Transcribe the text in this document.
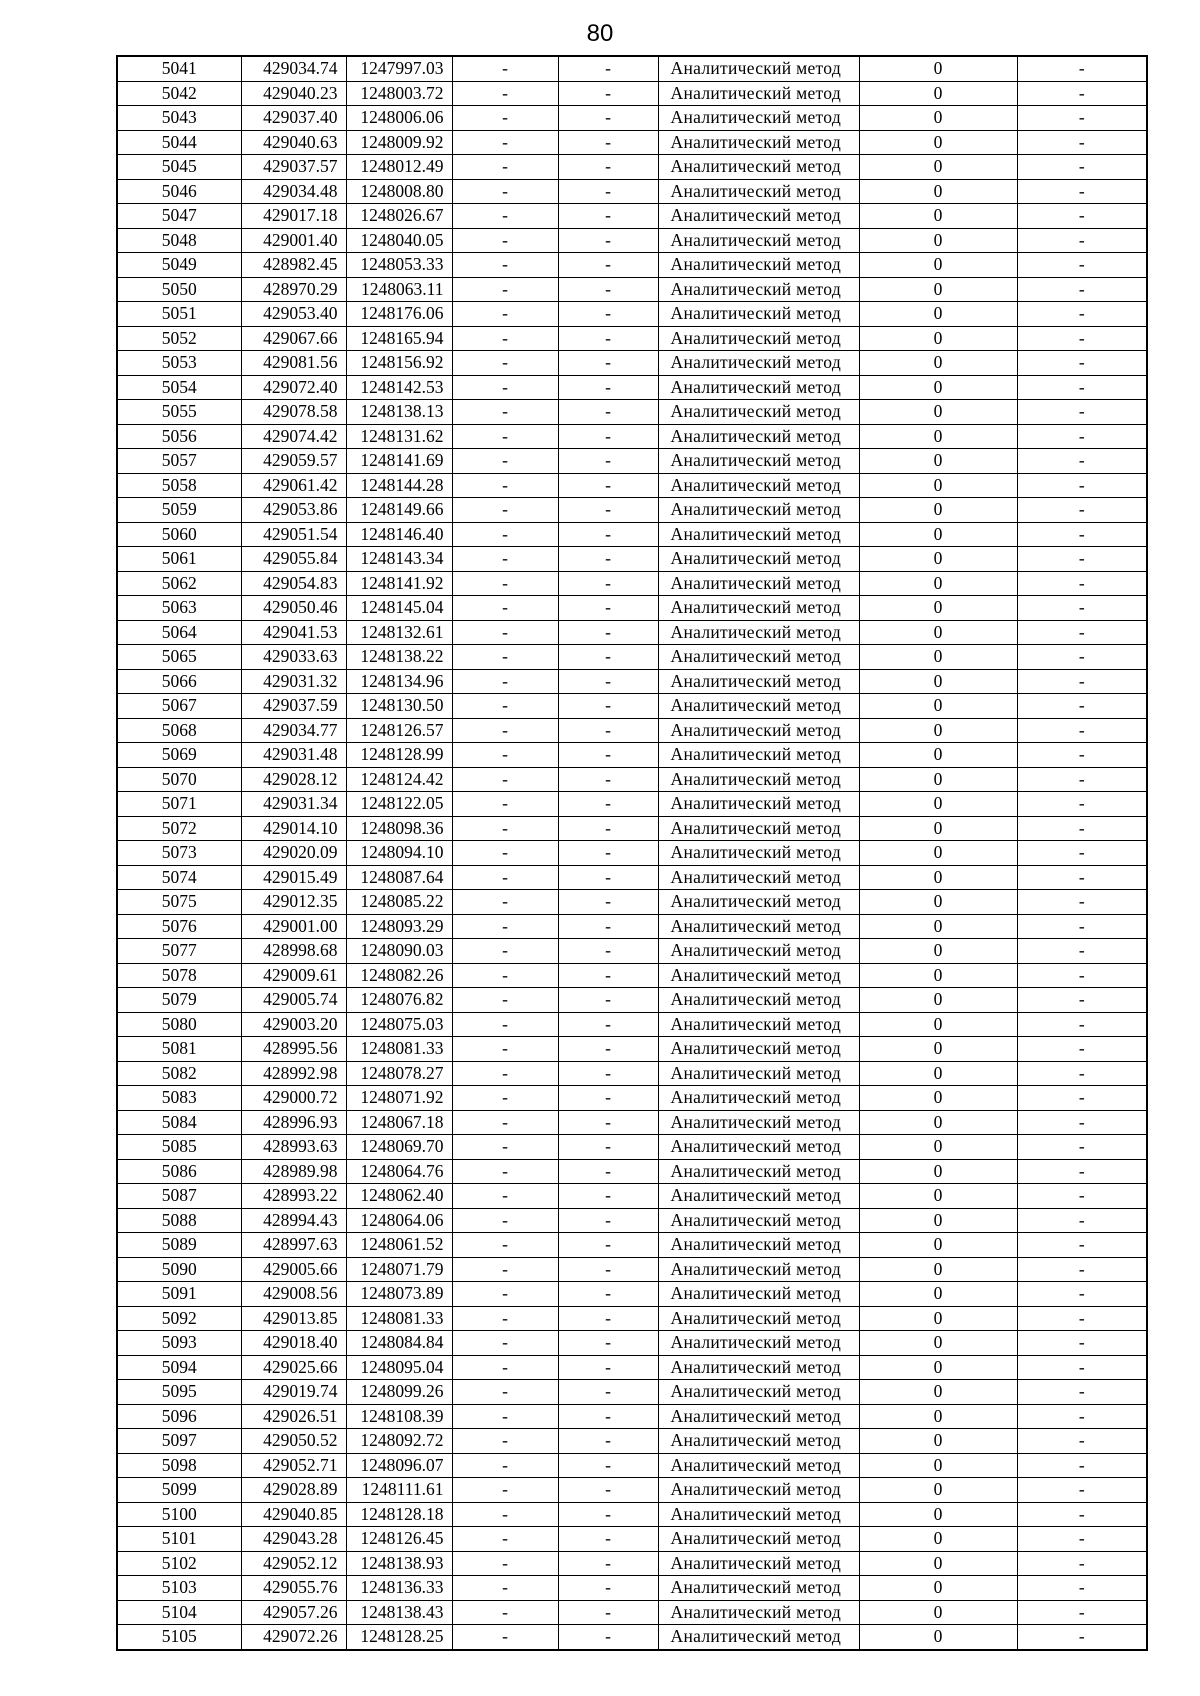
80
5041	429034.74	1247997.03	-	-	Аналитический метод	0	-
5042	429040.23	1248003.72	-	-	Аналитический метод	0	-
5043	429037.40	1248006.06	-	-	Аналитический метод	0	-
5044	429040.63	1248009.92	-	-	Аналитический метод	0	-
5045	429037.57	1248012.49	-	-	Аналитический метод	0	-
5046	429034.48	1248008.80	-	-	Аналитический метод	0	-
5047	429017.18	1248026.67	-	-	Аналитический метод	0	-
5048	429001.40	1248040.05	-	-	Аналитический метод	0	-
5049	428982.45	1248053.33	-	-	Аналитический метод	0	-
5050	428970.29	1248063.11	-	-	Аналитический метод	0	-
5051	429053.40	1248176.06	-	-	Аналитический метод	0	-
5052	429067.66	1248165.94	-	-	Аналитический метод	0	-
5053	429081.56	1248156.92	-	-	Аналитический метод	0	-
5054	429072.40	1248142.53	-	-	Аналитический метод	0	-
5055	429078.58	1248138.13	-	-	Аналитический метод	0	-
5056	429074.42	1248131.62	-	-	Аналитический метод	0	-
5057	429059.57	1248141.69	-	-	Аналитический метод	0	-
5058	429061.42	1248144.28	-	-	Аналитический метод	0	-
5059	429053.86	1248149.66	-	-	Аналитический метод	0	-
5060	429051.54	1248146.40	-	-	Аналитический метод	0	-
5061	429055.84	1248143.34	-	-	Аналитический метод	0	-
5062	429054.83	1248141.92	-	-	Аналитический метод	0	-
5063	429050.46	1248145.04	-	-	Аналитический метод	0	-
5064	429041.53	1248132.61	-	-	Аналитический метод	0	-
5065	429033.63	1248138.22	-	-	Аналитический метод	0	-
5066	429031.32	1248134.96	-	-	Аналитический метод	0	-
5067	429037.59	1248130.50	-	-	Аналитический метод	0	-
5068	429034.77	1248126.57	-	-	Аналитический метод	0	-
5069	429031.48	1248128.99	-	-	Аналитический метод	0	-
5070	429028.12	1248124.42	-	-	Аналитический метод	0	-
5071	429031.34	1248122.05	-	-	Аналитический метод	0	-
5072	429014.10	1248098.36	-	-	Аналитический метод	0	-
5073	429020.09	1248094.10	-	-	Аналитический метод	0	-
5074	429015.49	1248087.64	-	-	Аналитический метод	0	-
5075	429012.35	1248085.22	-	-	Аналитический метод	0	-
5076	429001.00	1248093.29	-	-	Аналитический метод	0	-
5077	428998.68	1248090.03	-	-	Аналитический метод	0	-
5078	429009.61	1248082.26	-	-	Аналитический метод	0	-
5079	429005.74	1248076.82	-	-	Аналитический метод	0	-
5080	429003.20	1248075.03	-	-	Аналитический метод	0	-
5081	428995.56	1248081.33	-	-	Аналитический метод	0	-
5082	428992.98	1248078.27	-	-	Аналитический метод	0	-
5083	429000.72	1248071.92	-	-	Аналитический метод	0	-
5084	428996.93	1248067.18	-	-	Аналитический метод	0	-
5085	428993.63	1248069.70	-	-	Аналитический метод	0	-
5086	428989.98	1248064.76	-	-	Аналитический метод	0	-
5087	428993.22	1248062.40	-	-	Аналитический метод	0	-
5088	428994.43	1248064.06	-	-	Аналитический метод	0	-
5089	428997.63	1248061.52	-	-	Аналитический метод	0	-
5090	429005.66	1248071.79	-	-	Аналитический метод	0	-
5091	429008.56	1248073.89	-	-	Аналитический метод	0	-
5092	429013.85	1248081.33	-	-	Аналитический метод	0	-
5093	429018.40	1248084.84	-	-	Аналитический метод	0	-
5094	429025.66	1248095.04	-	-	Аналитический метод	0	-
5095	429019.74	1248099.26	-	-	Аналитический метод	0	-
5096	429026.51	1248108.39	-	-	Аналитический метод	0	-
5097	429050.52	1248092.72	-	-	Аналитический метод	0	-
5098	429052.71	1248096.07	-	-	Аналитический метод	0	-
5099	429028.89	1248111.61	-	-	Аналитический метод	0	-
5100	429040.85	1248128.18	-	-	Аналитический метод	0	-
5101	429043.28	1248126.45	-	-	Аналитический метод	0	-
5102	429052.12	1248138.93	-	-	Аналитический метод	0	-
5103	429055.76	1248136.33	-	-	Аналитический метод	0	-
5104	429057.26	1248138.43	-	-	Аналитический метод	0	-
5105	429072.26	1248128.25	-	-	Аналитический метод	0	-
